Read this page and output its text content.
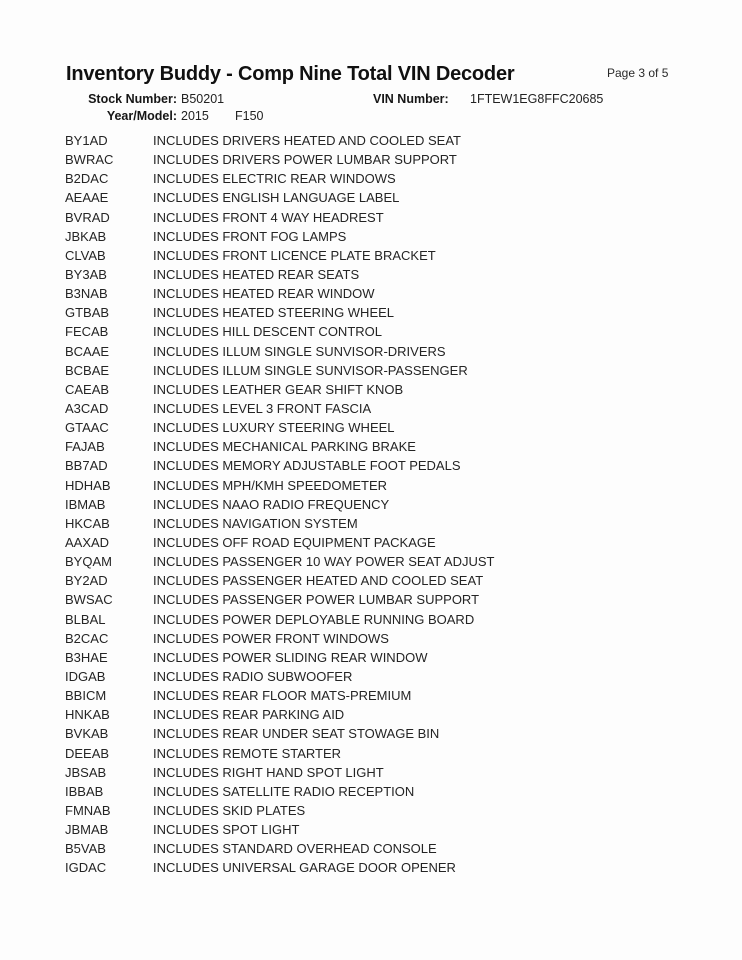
Inventory Buddy - Comp Nine Total VIN Decoder	Page 3 of 5
Stock Number: B50201	VIN Number: 1FTEW1EG8FFC20685
Year/Model: 2015 F150
BY1AD	INCLUDES DRIVERS HEATED AND COOLED SEAT
BWRAC	INCLUDES DRIVERS POWER LUMBAR SUPPORT
B2DAC	INCLUDES ELECTRIC REAR WINDOWS
AEAAE	INCLUDES ENGLISH LANGUAGE LABEL
BVRAD	INCLUDES FRONT 4 WAY HEADREST
JBKAB	INCLUDES FRONT FOG LAMPS
CLVAB	INCLUDES FRONT LICENCE PLATE BRACKET
BY3AB	INCLUDES HEATED REAR SEATS
B3NAB	INCLUDES HEATED REAR WINDOW
GTBAB	INCLUDES HEATED STEERING WHEEL
FECAB	INCLUDES HILL DESCENT CONTROL
BCAAE	INCLUDES ILLUM SINGLE SUNVISOR-DRIVERS
BCBAE	INCLUDES ILLUM SINGLE SUNVISOR-PASSENGER
CAEAB	INCLUDES LEATHER GEAR SHIFT KNOB
A3CAD	INCLUDES LEVEL 3 FRONT FASCIA
GTAAC	INCLUDES LUXURY STEERING WHEEL
FAJAB	INCLUDES MECHANICAL PARKING BRAKE
BB7AD	INCLUDES MEMORY ADJUSTABLE FOOT PEDALS
HDHAB	INCLUDES MPH/KMH SPEEDOMETER
IBMAB	INCLUDES NAAO RADIO FREQUENCY
HKCAB	INCLUDES NAVIGATION SYSTEM
AAXAD	INCLUDES OFF ROAD EQUIPMENT PACKAGE
BYQAM	INCLUDES PASSENGER 10 WAY POWER SEAT ADJUST
BY2AD	INCLUDES PASSENGER HEATED AND COOLED SEAT
BWSAC	INCLUDES PASSENGER POWER LUMBAR SUPPORT
BLBAL	INCLUDES POWER DEPLOYABLE RUNNING BOARD
B2CAC	INCLUDES POWER FRONT WINDOWS
B3HAE	INCLUDES POWER SLIDING REAR WINDOW
IDGAB	INCLUDES RADIO SUBWOOFER
BBICM	INCLUDES REAR FLOOR MATS-PREMIUM
HNKAB	INCLUDES REAR PARKING AID
BVKAB	INCLUDES REAR UNDER SEAT STOWAGE BIN
DEEAB	INCLUDES REMOTE STARTER
JBSAB	INCLUDES RIGHT HAND SPOT LIGHT
IBBAB	INCLUDES SATELLITE RADIO RECEPTION
FMNAB	INCLUDES SKID PLATES
JBMAB	INCLUDES SPOT LIGHT
B5VAB	INCLUDES STANDARD OVERHEAD CONSOLE
IGDAC	INCLUDES UNIVERSAL GARAGE DOOR OPENER
